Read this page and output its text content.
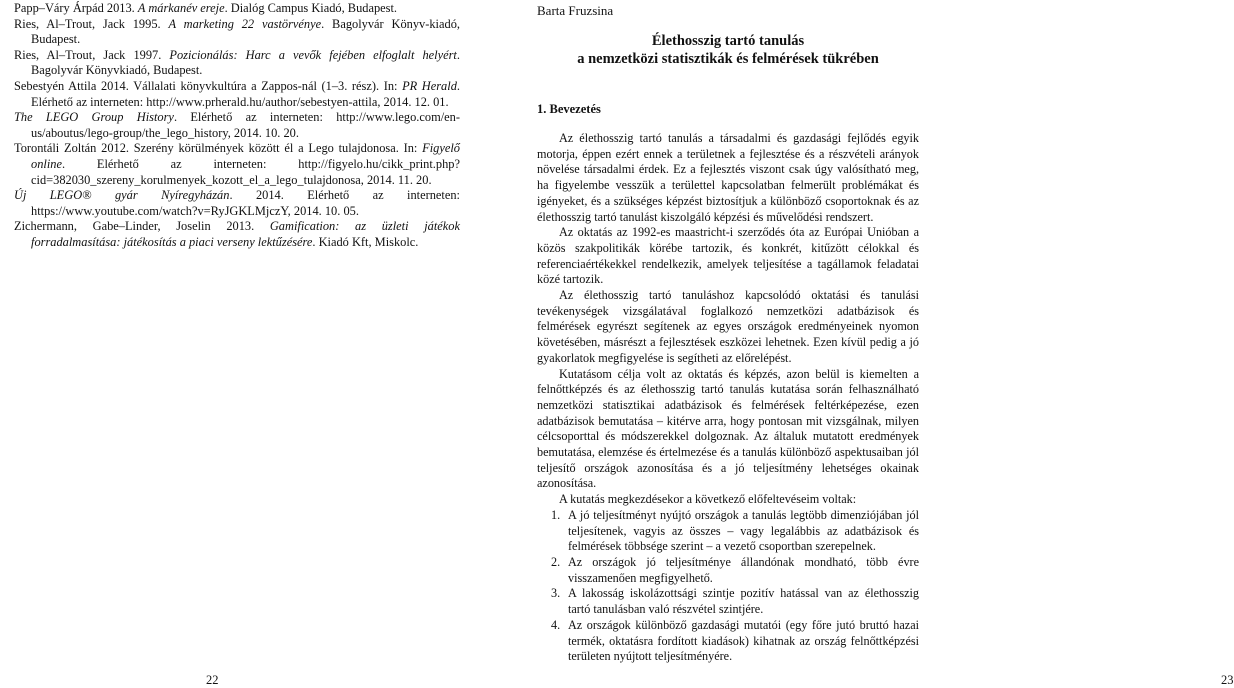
Papp–Váry Árpád 2013. A márkanév ereje. Dialóg Campus Kiadó, Budapest.

Ries, Al–Trout, Jack 1995. A marketing 22 vastörvénye. Bagolyvár Könyv-kiadó, Budapest.

Ries, Al–Trout, Jack 1997. Pozicionálás: Harc a vevők fejében elfoglalt helyért. Bagolyvár Könyvkiadó, Budapest.

Sebestyén Attila 2014. Vállalati könyvkultúra a Zappos-nál (1–3. rész). In: PR Herald. Elérhető az interneten: http://www.prherald.hu/author/sebestyen-attila, 2014. 12. 01.

The LEGO Group History. Elérhető az interneten: http://www.lego.com/en-us/aboutus/lego-group/the_lego_history, 2014. 10. 20.

Torontáli Zoltán 2012. Szerény körülmények között él a Lego tulajdonosa. In: Figyelő online. Elérhető az interneten: http://figyelo.hu/cikk_print.php?cid=382030_szereny_korulmenyek_kozott_el_a_lego_tulajdonosa, 2014. 11. 20.

Új LEGO® gyár Nyíregyházán. 2014. Elérhető az interneten: https://www.youtube.com/watch?v=RyJGKLMjczY, 2014. 10. 05.

Zichermann, Gabe–Linder, Joselin 2013. Gamification: az üzleti játékok forradalmasítása: játékosítás a piaci verseny lektűzésére. Kiadó Kft, Miskolc.

22
Barta Fruzsina
Élethosszig tartó tanulás
a nemzetközi statisztikák és felmérések tükrében
1. Bevezetés

Az élethosszig tartó tanulás a társadalmi és gazdasági fejlődés egyik motorja, éppen ezért ennek a területnek a fejlesztése és a részvételi arányok növelése társadalmi érdek. Ez a fejlesztés viszont csak úgy valósítható meg, ha figyelembe vesszük a területtel kapcsolatban felmerült problémákat és igényeket, és a szükséges képzést biztosítjuk a különböző csoportoknak és az élethosszig tartó tanulást kiszolgáló képzési és művelődési rendszert.

Az oktatás az 1992-es maastricht-i szerződés óta az Európai Unióban a közös szakpolitikák körébe tartozik, és konkrét, kitűzött célokkal és referenciaértékekkel rendelkezik, amelyek teljesítése a tagállamok feladatai közé tartozik.

Az élethosszig tartó tanuláshoz kapcsolódó oktatási és tanulási tevékenységek vizsgálatával foglalkozó nemzetközi adatbázisok és felmérések egyrészt segítenek az egyes országok eredményeinek nyomon követésében, másrészt a fejlesztések eszközei lehetnek. Ezen kívül pedig a jó gyakorlatok megfigyelése is segítheti az előrelépést.

Kutatásom célja volt az oktatás és képzés, azon belül is kiemelten a felnőttképzés és az élethosszig tartó tanulás kutatása során felhasználható nemzetközi statisztikai adatbázisok és felmérések feltérképezése, ezen adatbázisok bemutatása – kitérve arra, hogy pontosan mit vizsgálnak, milyen célcsoporttal és módszerekkel dolgoznak. Az általuk mutatott eredmények bemutatása, elemzése és értelmezése és a tanulás különböző aspektusaiban jól teljesítő országok azonosítása és a jó teljesítmény lehetséges okainak azonosítása.

A kutatás megkezdésekor a következő előfeltevéseim voltak:

1. A jó teljesítményt nyújtó országok a tanulás legtöbb dimenziójában jól teljesítenek, vagyis az összes – vagy legalábbis az adatbázisok és felmérések többsége szerint – a vezető csoportban szerepelnek.
2. Az országok jó teljesítménye állandónak mondható, több évre visszamenően megfigyelhető.
3. A lakosság iskolázottsági szintje pozitív hatással van az élethosszig tartó tanulásban való részvétel szintjére.
4. Az országok különböző gazdasági mutatói (egy főre jutó bruttó hazai termék, oktatásra fordított kiadások) kihatnak az ország felnőttképzési területen nyújtott teljesítményére.
23
